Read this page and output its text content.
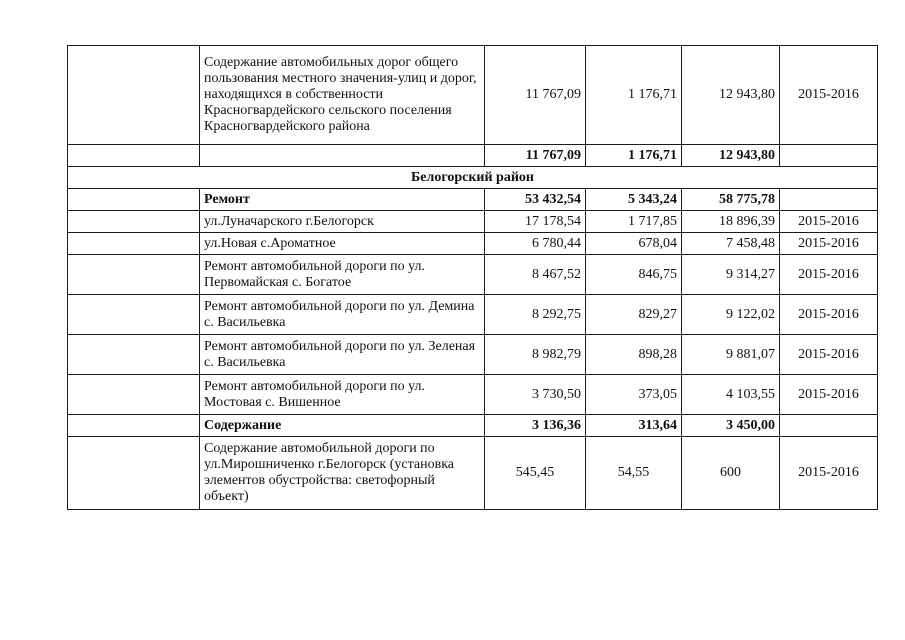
	Содержание автомобильных дорог общего пользования местного значения-улиц и дорог, находящихся в собственности Красногвардейского сельского поселения Красногвардейского района	11 767,09	1 176,71	12 943,80	2015-2016
		11 767,09	1 176,71	12 943,80	
Белогорский район					
	Ремонт	53 432,54	5 343,24	58 775,78	
	ул.Луначарского г.Белогорск	17 178,54	1 717,85	18 896,39	2015-2016
	ул.Новая с.Ароматное	6 780,44	678,04	7 458,48	2015-2016
	Ремонт автомобильной дороги по ул. Первомайская с. Богатое	8 467,52	846,75	9 314,27	2015-2016
	Ремонт автомобильной дороги по ул. Демина с. Васильевка	8 292,75	829,27	9 122,02	2015-2016
	Ремонт автомобильной дороги по ул. Зеленая с. Васильевка	8 982,79	898,28	9 881,07	2015-2016
	Ремонт автомобильной дороги по ул. Мостовая с. Вишенное	3 730,50	373,05	4 103,55	2015-2016
	Содержание	3 136,36	313,64	3 450,00	
	Содержание автомобильной дороги по ул.Мирошниченко г.Белогорск (установка элементов обустройства: светофорный объект)	545,45	54,55	600	2015-2016
